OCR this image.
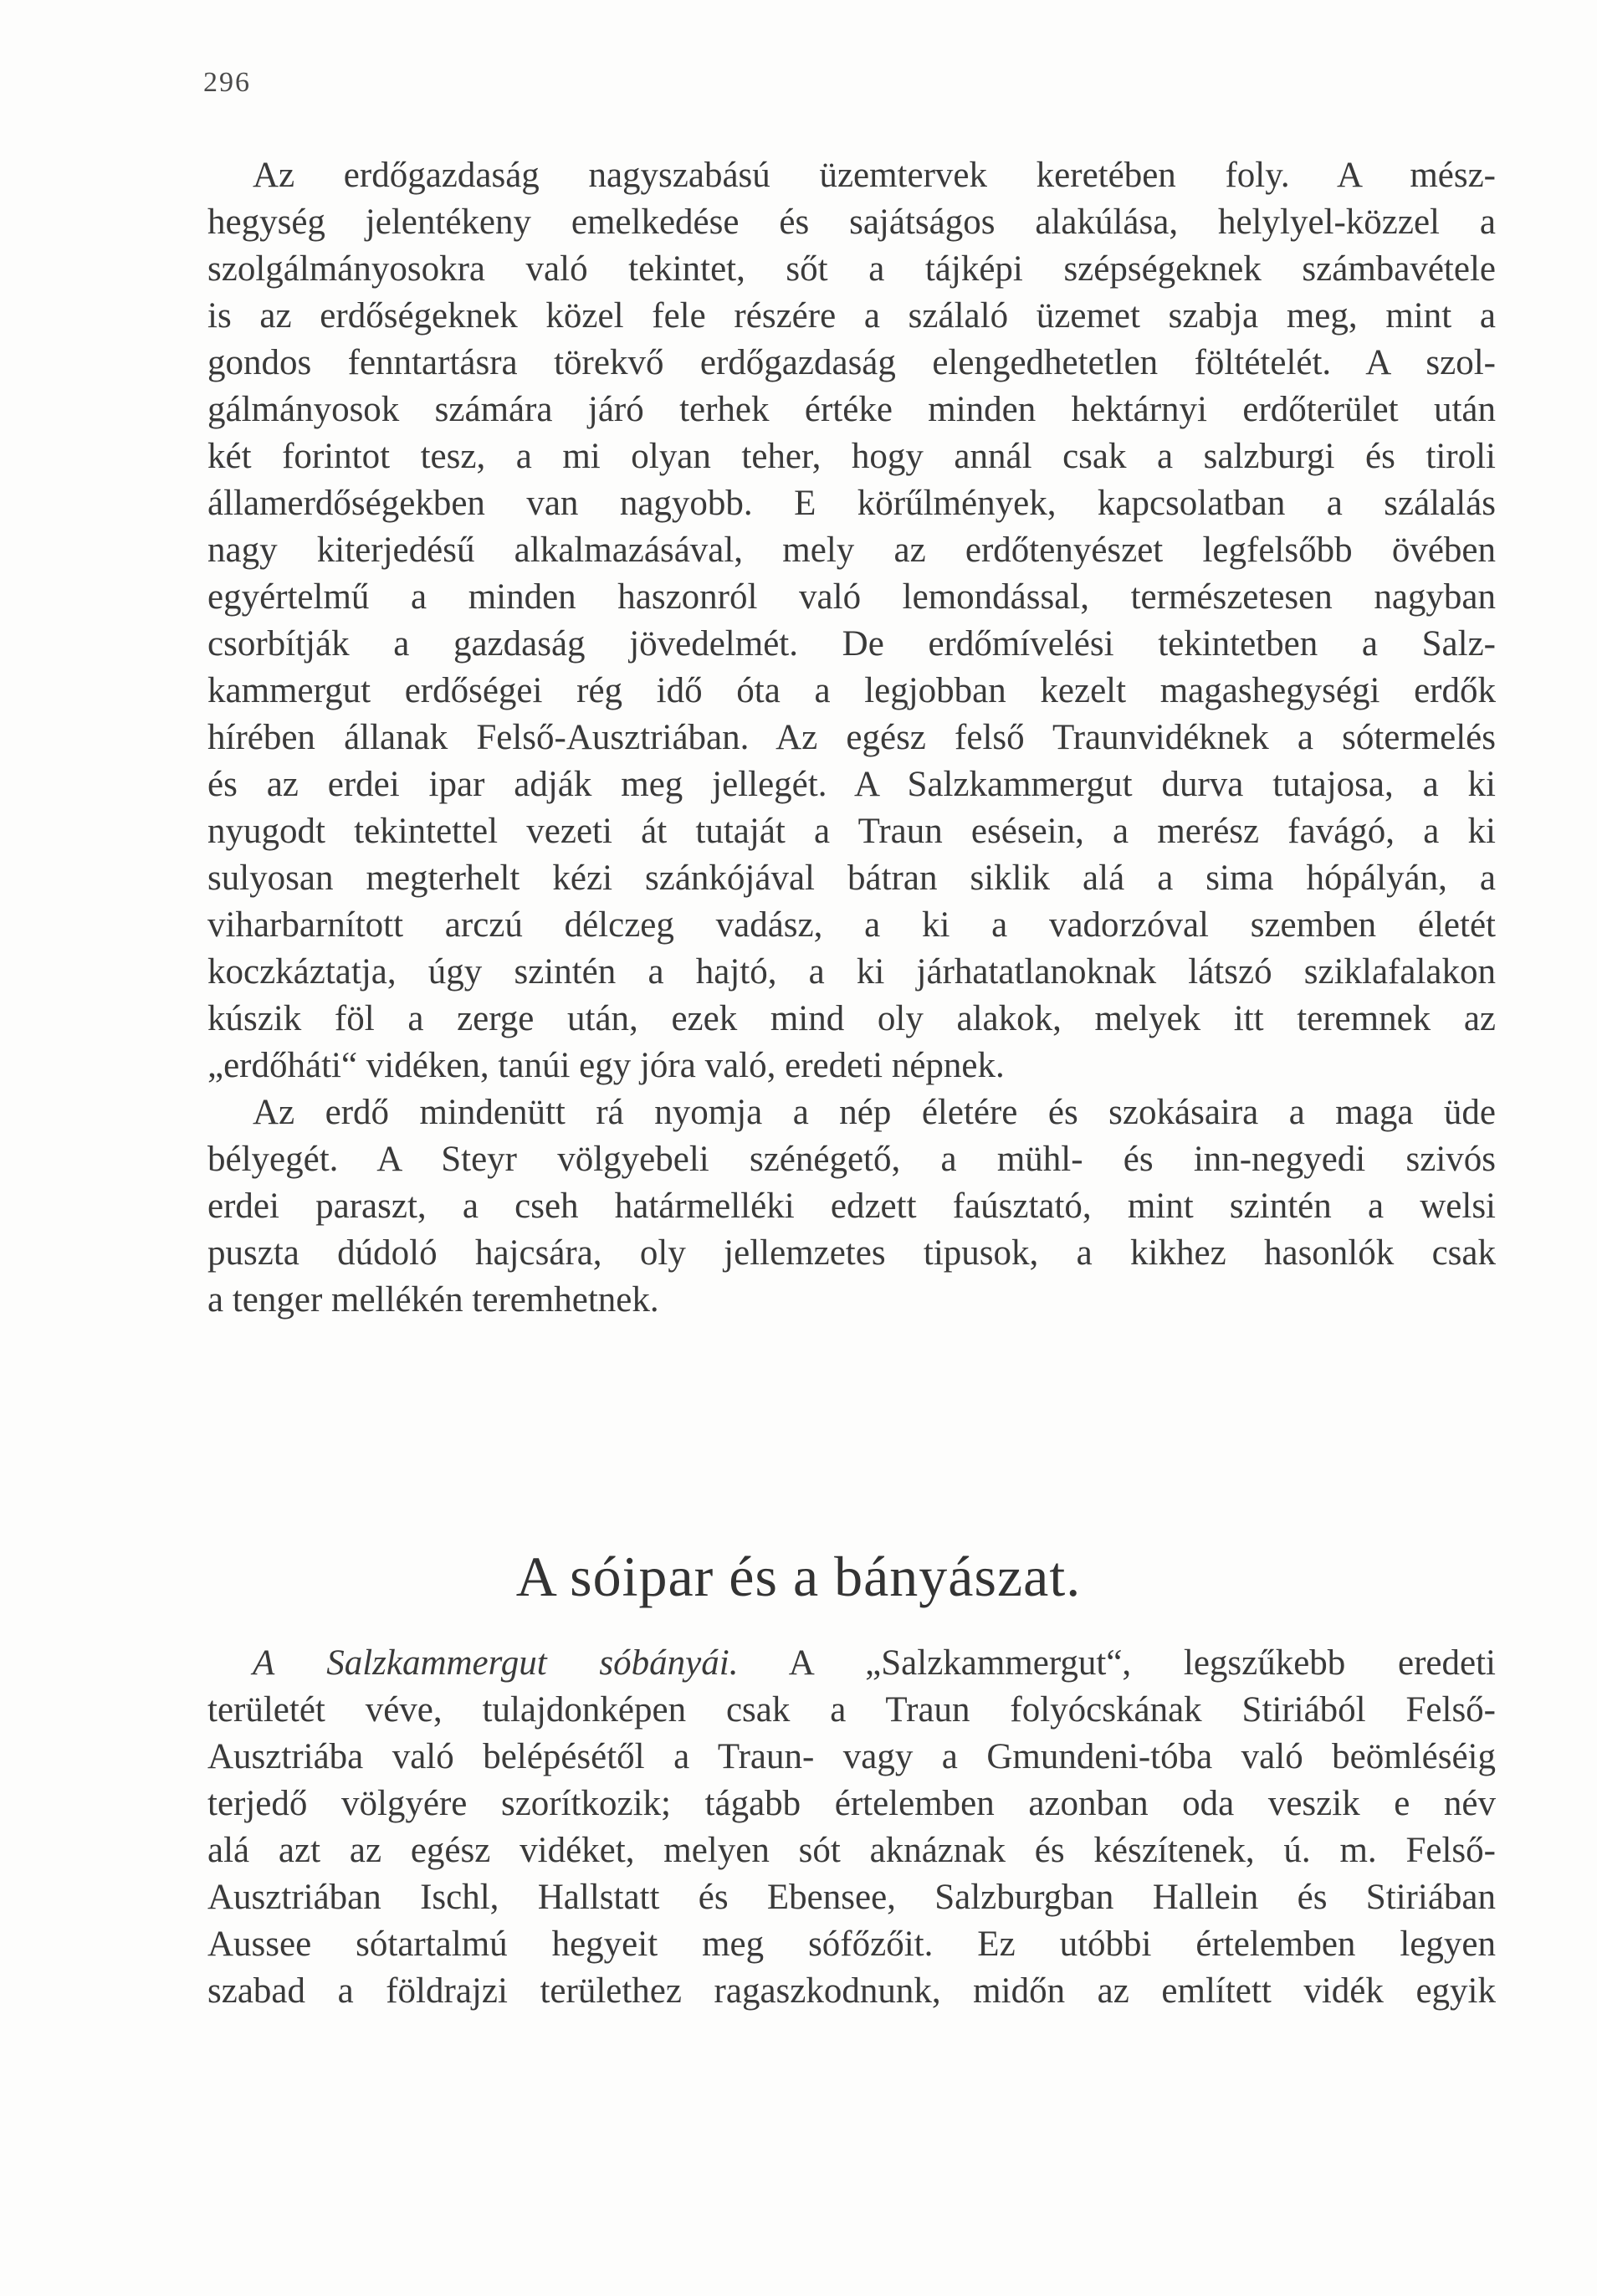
296
Az erdőgazdaság nagyszabású üzemtervek keretében foly. A mész-
hegység jelentékeny emelkedése és sajátságos alakúlása, helylyel-közzel a
szolgálmányosokra való tekintet, sőt a tájképi szépségeknek számbavétele
is az erdőségeknek közel fele részére a szálaló üzemet szabja meg, mint a
gondos fenntartásra törekvő erdőgazdaság elengedhetetlen föltételét. A szol-
gálmányosok számára járó terhek értéke minden hektárnyi erdőterület után
két forintot tesz, a mi olyan teher, hogy annál csak a salzburgi és tiroli
államerdőségekben van nagyobb. E körűlmények, kapcsolatban a szálalás
nagy kiterjedésű alkalmazásával, mely az erdőtenyészet legfelsőbb övében
egyértelmű a minden haszonról való lemondással, természetesen nagyban
csorbítják a gazdaság jövedelmét. De erdőmívelési tekintetben a Salz-
kammergut erdőségei rég idő óta a legjobban kezelt magashegységi erdők
hírében állanak Felső-Ausztriában. Az egész felső Traunvidéknek a sótermelés
és az erdei ipar adják meg jellegét. A Salzkammergut durva tutajosa, a ki
nyugodt tekintettel vezeti át tutaját a Traun esésein, a merész favágó, a ki
sulyosan megterhelt kézi szánkójával bátran siklik alá a sima hópályán, a
viharbarnított arczú délczeg vadász, a ki a vadorzóval szemben életét
koczkáztatja, úgy szintén a hajtó, a ki járhatatlanoknak látszó sziklafalakon
kúszik föl a zerge után, ezek mind oly alakok, melyek itt teremnek az
„erdőháti“ vidéken, tanúi egy jóra való, eredeti népnek.
Az erdő mindenütt rá nyomja a nép életére és szokásaira a maga üde
bélyegét. A Steyr völgyebeli szénégető, a mühl- és inn-negyedi szivós
erdei paraszt, a cseh határmelléki edzett faúsztató, mint szintén a welsi
puszta dúdoló hajcsára, oly jellemzetes tipusok, a kikhez hasonlók csak
a tenger mellékén teremhetnek.
A sóipar és a bányászat.
A Salzkammergut sóbányái. A „Salzkammergut“, legszűkebb eredeti
területét véve, tulajdonképen csak a Traun folyócskának Stiriából Felső-
Ausztriába való belépésétől a Traun- vagy a Gmundeni-tóba való beömléséig
terjedő völgyére szorítkozik; tágabb értelemben azonban oda veszik e név
alá azt az egész vidéket, melyen sót aknáznak és készítenek, ú. m. Felső-
Ausztriában Ischl, Hallstatt és Ebensee, Salzburgban Hallein és Stiriában
Aussee sótartalmú hegyeit meg sófőzőit. Ez utóbbi értelemben legyen
szabad a földrajzi területhez ragaszkodnunk, midőn az említett vidék egyik
